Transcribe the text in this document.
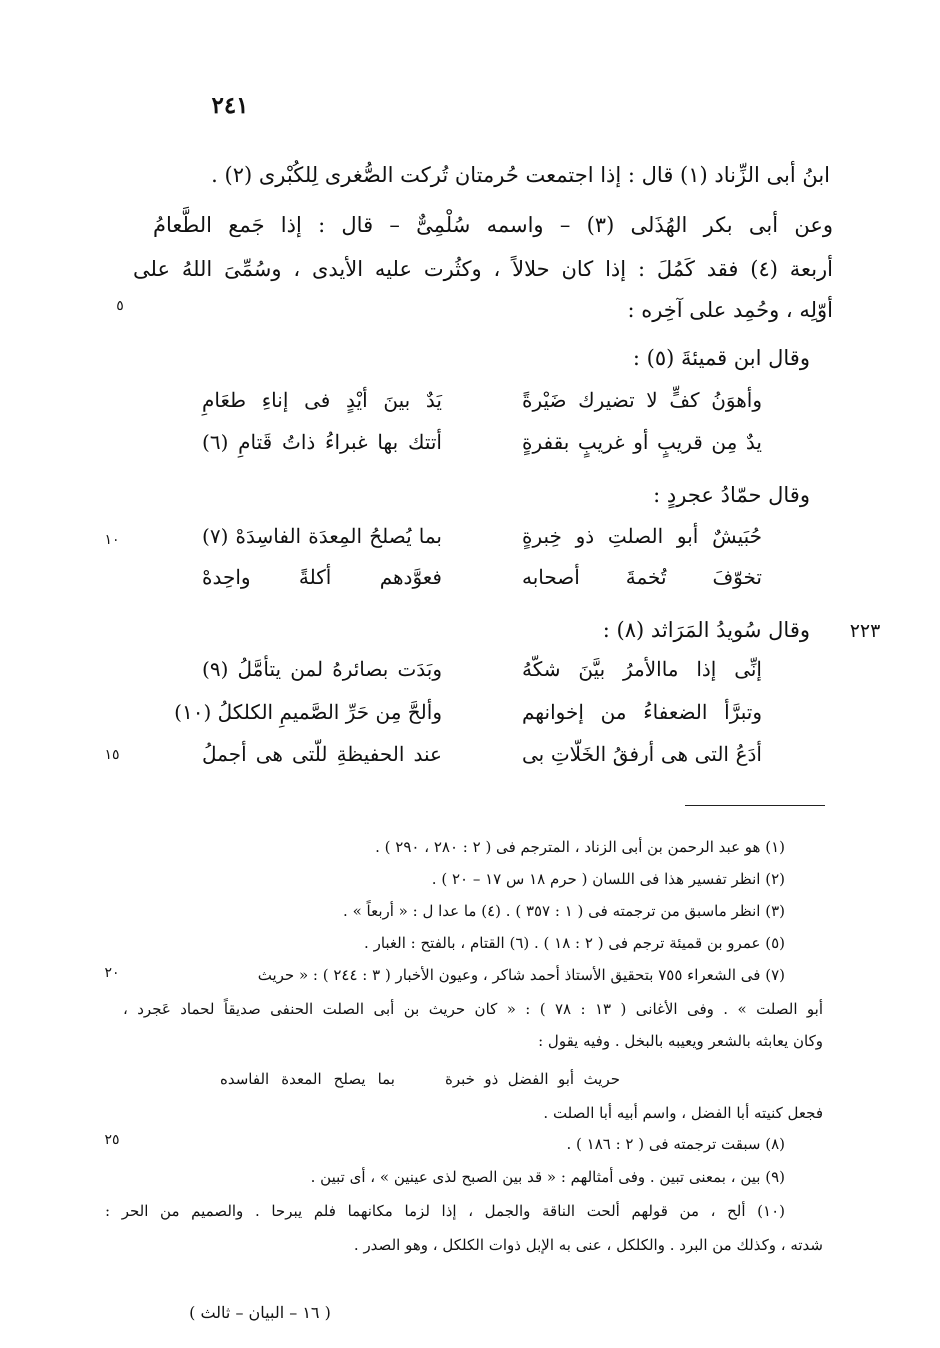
٢٤١
٢٢٣
٥
١٠
١٥
٢٠
٢٥
ابنُ أبى الزِّناد (١) قال : إذا اجتمعت حُرمتان تُركت الصُّغرى لِلكُبْرى (٢) .
وعن أبى بكر الهُذَلى (٣) – واسمه سُلْمِىٌّ – قال : إذا جَمع الطَّعامُ
أربعة (٤) فقد كَمُلَ : إذا كان حلالاً ، وكثُرت عليه الأيدى ، وسُمِّىَ اللهُ على
أوّلِه ، وحُمِد على آخِره :
وقال ابن قميئةَ (٥) :
وأهوَنُ كفٍّ لا تضيرك ضَيْرةً
يَدٌ بينَ أيْدٍ فى إناءِ طعَامِ
يدٌ مِن قريبٍ أو غريبٍ بقفرةٍ
أتتك بها غبراءُ ذاتُ قَتامِ (٦)
وقال حمّادُ عجردٍ :
حُبَيشٌ أبو الصلتِ ذو خِبرةٍ
بما يُصلحُ المِعدَة الفاسِدَهْ (٧)
تخوّفَ تُخمةَ أصحابه
فعوَّدهم أكلةً واحِدهْ
وقال سُويدُ المَرَاثد (٨) :
إنِّى إذا ماالأمرُ بيَّنَ شكّهُ
وبَدَت بصائرهُ لمن يتأمَّلُ (٩)
وتبرَّأ الضعفاءُ من إخوانهم
وألحَّ مِن حَرِّ الصَّميمِ الكلكلُ (١٠)
أدَعُ التى هى أرفقُ الخَلّاتِ بى
عند الحفيظةِ للّتى هى أجملُ
(١) هو عبد الرحمن بن أبى الزناد ، المترجم فى ( ٢ : ٢٨٠ ، ٢٩٠ ) .
(٢) انظر تفسير هذا فى اللسان ( حرم ١٨ س ١٧ – ٢٠ ) .
(٣) انظر ماسبق من ترجمته فى ( ١ : ٣٥٧ ) . (٤) ما عدا ل : « أربعاً » .
(٥) عمرو بن قميئة ترجم فى ( ٢ : ١٨ ) . (٦) القتام ، بالفتح : الغبار .
(٧) فى الشعراء ٧٥٥ بتحقيق الأستاذ أحمد شاكر ، وعيون الأخبار ( ٣ : ٢٤٤ ) : « حريث
أبو الصلت » . وفى الأغانى ( ١٣ : ٧٨ ) : « كان حريث بن أبى الصلت الحنفى صديقاً لحماد عَجرد ،
وكان يعابثه بالشعر ويعيبه بالبخل . وفيه يقول :
حريث أبو الفضل ذو خبرة
بما يصلح المعدة الفاسده
فجعل كنيته أبا الفضل ، واسم أبيه أبا الصلت .
(٨) سبقت ترجمته فى ( ٢ : ١٨٦ ) .
(٩) بين ، بمعنى تبين . وفى أمثالهم : « قد بين الصبح لذى عينين » ، أى تبين .
(١٠) ألح ، من قولهم ألحت الناقة والجمل ، إذا لزما مكانهما فلم يبرحا . والصميم من الحر :
شدته ، وكذلك من البرد . والكلكل ، عنى به الإبل ذوات الكلكل ، وهو الصدر .
( ١٦ – البيان – ثالث )
